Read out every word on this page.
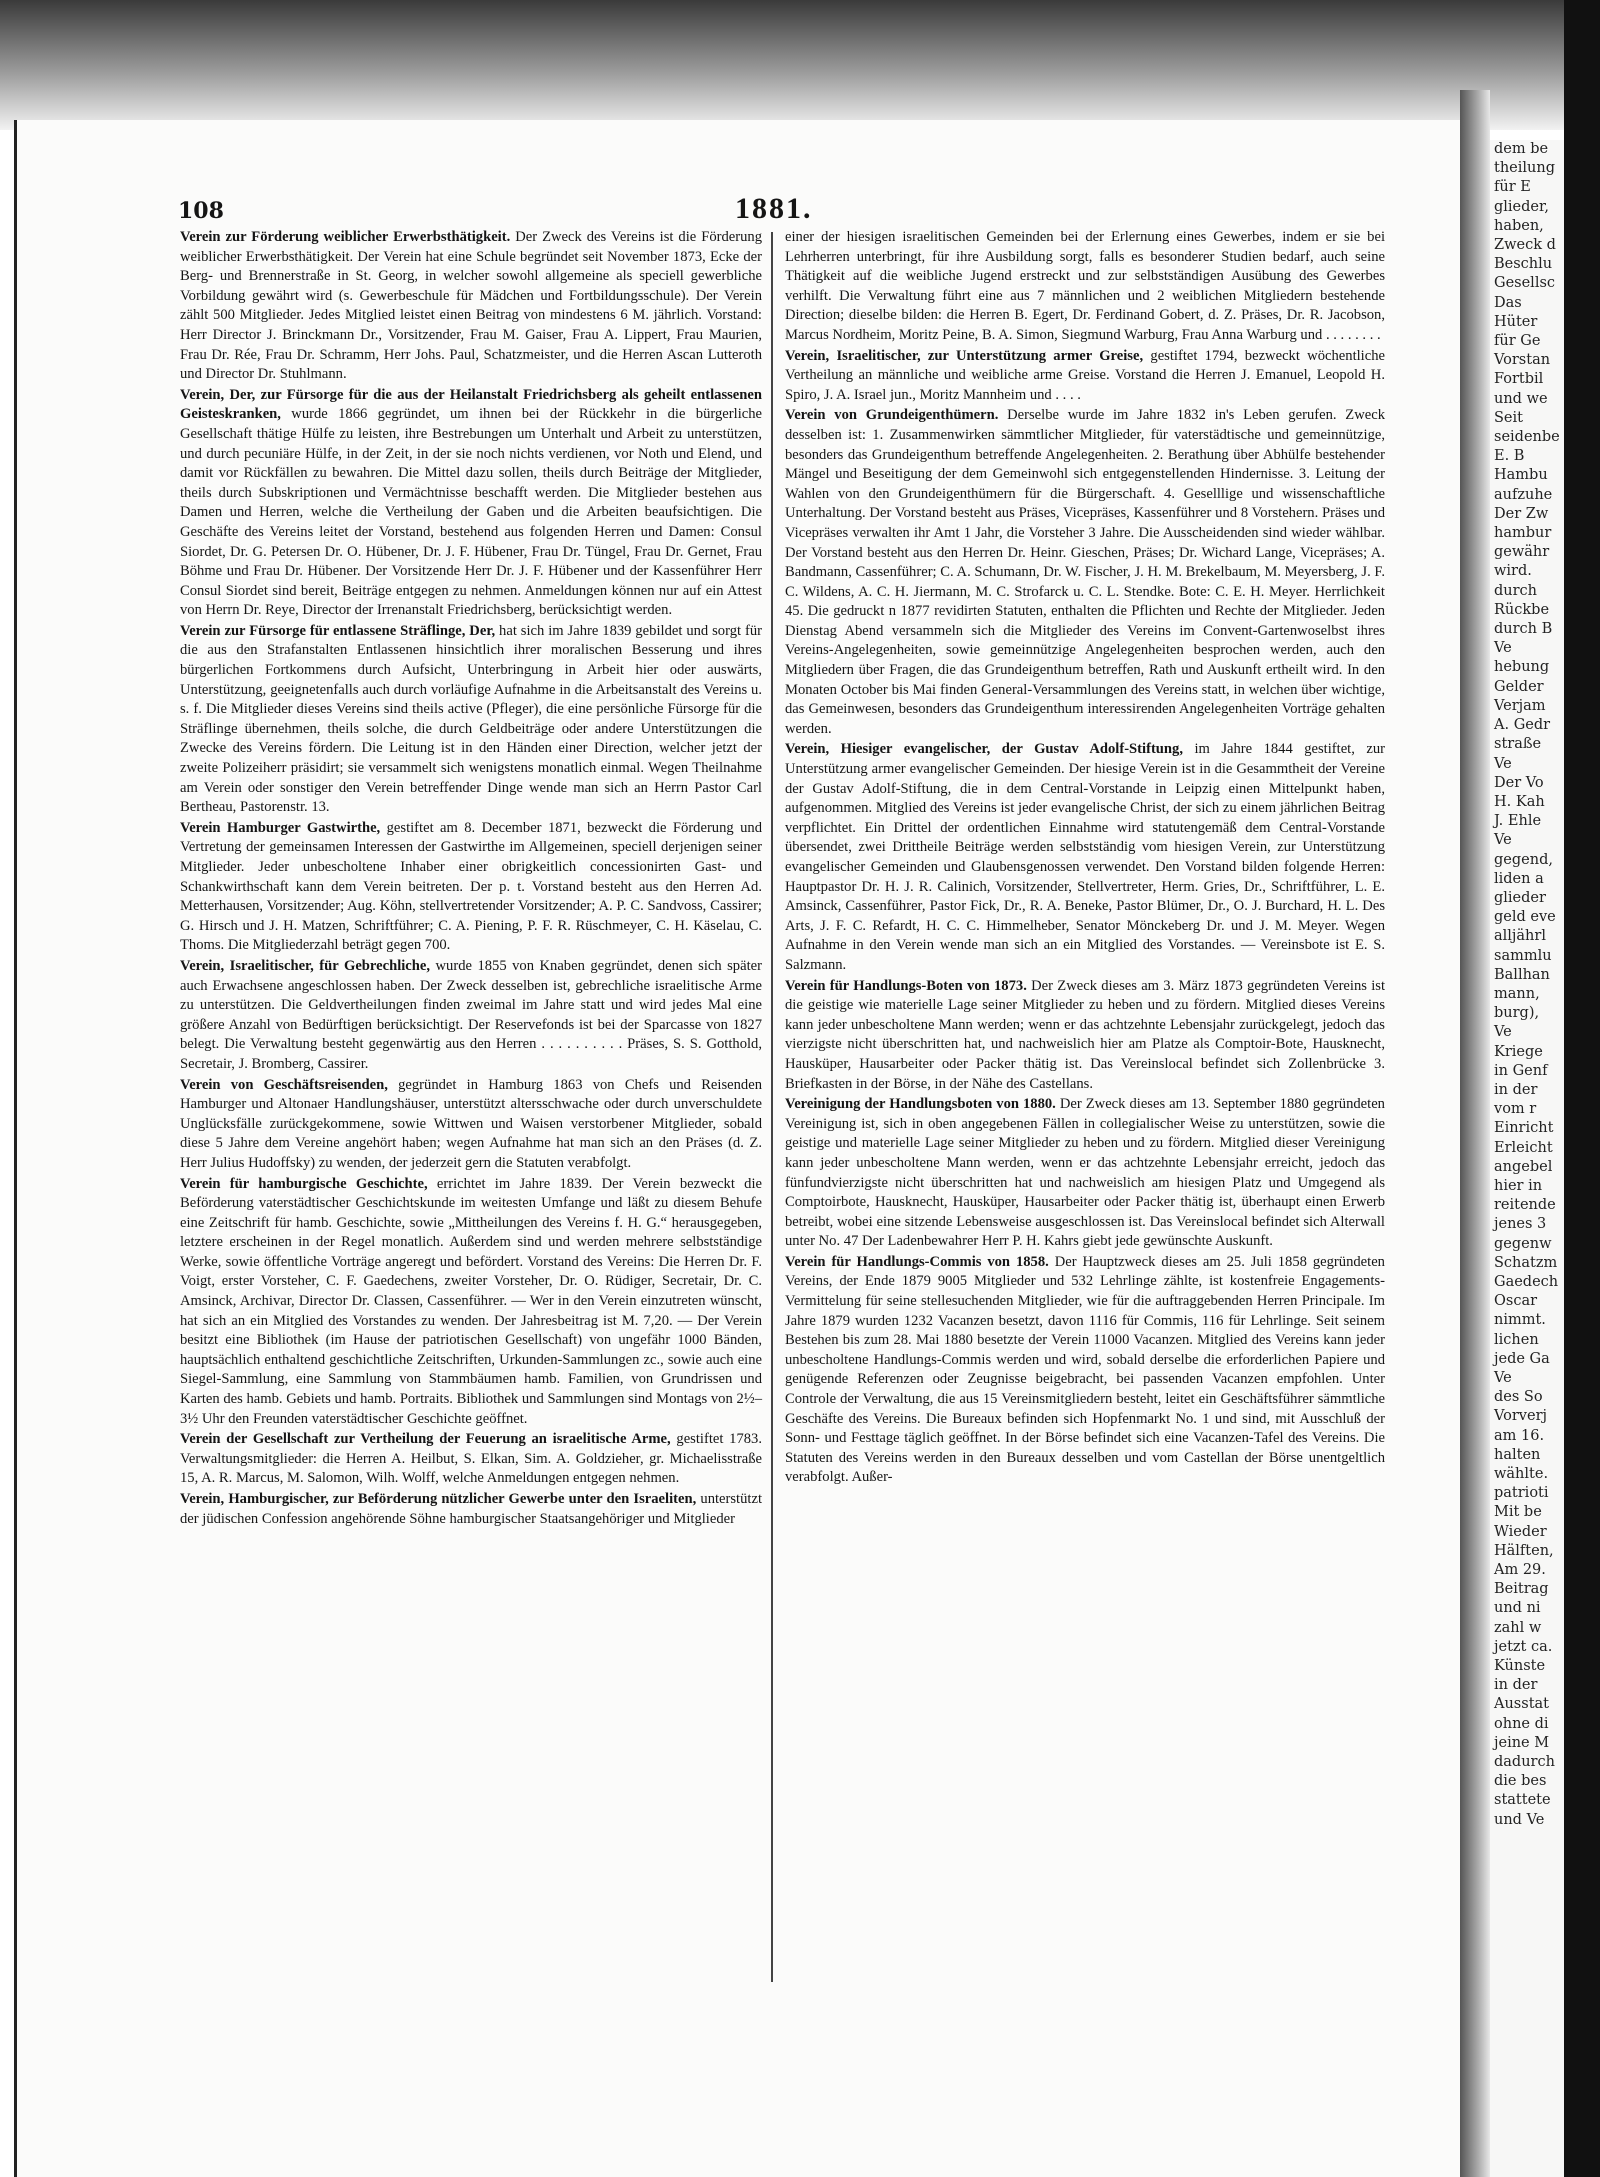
dem be
theilung
für E
glieder,
haben,
Zweck d
Beschlu
Gesellsc
Das
Hüter
für Ge
Vorstan
Fortbil
und we
Seit
seidenbe
E. B
Hambu
aufzuhe
Der Zw
hambur
gewähr
wird.
durch
Rückbe
durch B
Ve
hebung
Gelder
Verjam
A. Gedr
straße
Ve
Der Vo
H. Kah
J. Ehle
Ve
gegend,
liden a
glieder
geld eve
alljährl
sammlu
Ballhan
mann,
burg),
Ve
Kriege
in Genf
in der
vom r
Einricht
Erleicht
angebel
hier in
reitende
jenes 3
gegenw
Schatzm
Gaedech
Oscar
nimmt.
lichen
jede Ga
Ve
des So
Vorverj
am 16.
halten
wählte.
patrioti
Mit be
Wieder
Hälften,
Am 29.
Beitrag
und ni
zahl w
jetzt ca.
Künste
in der
Ausstat
ohne di
jeine M
dadurch
die bes
stattete
und Ve
108	1881.

Verein zur Förderung weiblicher Erwerbsthätigkeit. Der Zweck des Vereins ist die Förderung weiblicher Erwerbsthätigkeit. Der Verein hat eine Schule begründet seit November 1873, Ecke der Berg- und Brennerstraße in St. Georg, in welcher sowohl allgemeine als speciell gewerbliche Vorbildung gewährt wird (s. Gewerbeschule für Mädchen und Fortbildungsschule). Der Verein zählt 500 Mitglieder. Jedes Mitglied leistet einen Beitrag von mindestens 6 M. jährlich. Vorstand: Herr Director J. Brinckmann Dr., Vorsitzender, Frau M. Gaiser, Frau A. Lippert, Frau Maurien, Frau Dr. Rée, Frau Dr. Schramm, Herr Johs. Paul, Schatzmeister, und die Herren Ascan Lutteroth und Director Dr. Stuhlmann.

Verein, Der, zur Fürsorge für die aus der Heilanstalt Friedrichsberg als geheilt entlassenen Geisteskranken, wurde 1866 gegründet, um ihnen bei der Rückkehr in die bürgerliche Gesellschaft thätige Hülfe zu leisten, ihre Bestrebungen um Unterhalt und Arbeit zu unterstützen, und durch pecuniäre Hülfe, in der Zeit, in der sie noch nichts verdienen, vor Noth und Elend, und damit vor Rückfällen zu bewahren. Die Mittel dazu sollen, theils durch Beiträge der Mitglieder, theils durch Subskriptionen und Vermächtnisse beschafft werden. Die Mitglieder bestehen aus Damen und Herren, welche die Vertheilung der Gaben und die Arbeiten beaufsichtigen. Die Geschäfte des Vereins leitet der Vorstand, bestehend aus folgenden Herren und Damen: Consul Siordet, Dr. G. Petersen Dr. O. Hübener, Dr. J. F. Hübener, Frau Dr. Tüngel, Frau Dr. Gernet, Frau Böhme und Frau Dr. Hübener. Der Vorsitzende Herr Dr. J. F. Hübener und der Kassenführer Herr Consul Siordet sind bereit, Beiträge entgegen zu nehmen. Anmeldungen können nur auf ein Attest von Herrn Dr. Reye, Director der Irrenanstalt Friedrichsberg, berücksichtigt werden.

Verein zur Fürsorge für entlassene Sträflinge, Der, hat sich im Jahre 1839 gebildet und sorgt für die aus den Strafanstalten Entlassenen hinsichtlich ihrer moralischen Besserung und ihres bürgerlichen Fortkommens durch Aufsicht, Unterbringung in Arbeit hier oder auswärts, Unterstützung, geeignetenfalls auch durch vorläufige Aufnahme in die Arbeitsanstalt des Vereins u. s. f. Die Mitglieder dieses Vereins sind theils active (Pfleger), die eine persönliche Fürsorge für die Sträflinge übernehmen, theils solche, die durch Geldbeiträge oder andere Unterstützungen die Zwecke des Vereins fördern. Die Leitung ist in den Händen einer Direction, welcher jetzt der zweite Polizeiherr präsidirt; sie versammelt sich wenigstens monatlich einmal. Wegen Theilnahme am Verein oder sonstiger den Verein betreffender Dinge wende man sich an Herrn Pastor Carl Bertheau, Pastorenstr. 13.

Verein Hamburger Gastwirthe, gestiftet am 8. December 1871, bezweckt die Förderung und Vertretung der gemeinsamen Interessen der Gastwirthe im Allgemeinen, speciell derjenigen seiner Mitglieder. Jeder unbescholtene Inhaber einer obrigkeitlich concessionirten Gast- und Schankwirthschaft kann dem Verein beitreten. Der p. t. Vorstand besteht aus den Herren Ad. Metterhausen, Vorsitzender; Aug. Köhn, stellvertretender Vorsitzender; A. P. C. Sandvoss, Cassirer; G. Hirsch und J. H. Matzen, Schriftführer; C. A. Piening, P. F. R. Rüschmeyer, C. H. Käselau, C. Thoms. Die Mitgliederzahl beträgt gegen 700.

Verein, Israelitischer, für Gebrechliche, wurde 1855 von Knaben gegründet, denen sich später auch Erwachsene angeschlossen haben. Der Zweck desselben ist, gebrechliche israelitische Arme zu unterstützen. Die Geldvertheilungen finden zweimal im Jahre statt und wird jedes Mal eine größere Anzahl von Bedürftigen berücksichtigt. Der Reservefonds ist bei der Sparcasse von 1827 belegt. Die Verwaltung besteht gegenwärtig aus den Herren . . . . . . . . . . Präses, S. S. Gotthold, Secretair, J. Bromberg, Cassirer.

Verein von Geschäftsreisenden, gegründet in Hamburg 1863 von Chefs und Reisenden Hamburger und Altonaer Handlungshäuser, unterstützt altersschwache oder durch unverschuldete Unglücksfälle zurückgekommene, sowie Wittwen und Waisen verstorbener Mitglieder, sobald diese 5 Jahre dem Vereine angehört haben; wegen Aufnahme hat man sich an den Präses (d. Z. Herr Julius Hudoffsky) zu wenden, der jederzeit gern die Statuten verabfolgt.

Verein für hamburgische Geschichte, errichtet im Jahre 1839. Der Verein bezweckt die Beförderung vaterstädtischer Geschichtskunde im weitesten Umfange und läßt zu diesem Behufe eine Zeitschrift für hamb. Geschichte, sowie „Mittheilungen des Vereins f. H. G.“ herausgegeben, letztere erscheinen in der Regel monatlich. Außerdem sind und werden mehrere selbstständige Werke, sowie öffentliche Vorträge angeregt und befördert. Vorstand des Vereins: Die Herren Dr. F. Voigt, erster Vorsteher, C. F. Gaedechens, zweiter Vorsteher, Dr. O. Rüdiger, Secretair, Dr. C. Amsinck, Archivar, Director Dr. Classen, Cassenführer. — Wer in den Verein einzutreten wünscht, hat sich an ein Mitglied des Vorstandes zu wenden. Der Jahresbeitrag ist M. 7,20. — Der Verein besitzt eine Bibliothek (im Hause der patriotischen Gesellschaft) von ungefähr 1000 Bänden, hauptsächlich enthaltend geschichtliche Zeitschriften, Urkunden-Sammlungen zc., sowie auch eine Siegel-Sammlung, eine Sammlung von Stammbäumen hamb. Familien, von Grundrissen und Karten des hamb. Gebiets und hamb. Portraits. Bibliothek und Sammlungen sind Montags von 2½–3½ Uhr den Freunden vaterstädtischer Geschichte geöffnet.

Verein der Gesellschaft zur Vertheilung der Feuerung an israelitische Arme, gestiftet 1783. Verwaltungsmitglieder: die Herren A. Heilbut, S. Elkan, Sim. A. Goldzieher, gr. Michaelisstraße 15, A. R. Marcus, M. Salomon, Wilh. Wolff, welche Anmeldungen entgegen nehmen.

Verein, Hamburgischer, zur Beförderung nützlicher Gewerbe unter den Israeliten, unterstützt der jüdischen Confession angehörende Söhne hamburgischer Staatsangehöriger und Mitglieder

einer der hiesigen israelitischen Gemeinden bei der Erlernung eines Gewerbes, indem er sie bei Lehrherren unterbringt, für ihre Ausbildung sorgt, falls es besonderer Studien bedarf, auch seine Thätigkeit auf die weibliche Jugend erstreckt und zur selbstständigen Ausübung des Gewerbes verhilft. Die Verwaltung führt eine aus 7 männlichen und 2 weiblichen Mitgliedern bestehende Direction; dieselbe bilden: die Herren B. Egert, Dr. Ferdinand Gobert, d. Z. Präses, Dr. R. Jacobson, Marcus Nordheim, Moritz Peine, B. A. Simon, Siegmund Warburg, Frau Anna Warburg und . . . . . . . .

Verein, Israelitischer, zur Unterstützung armer Greise, gestiftet 1794, bezweckt wöchentliche Vertheilung an männliche und weibliche arme Greise. Vorstand die Herren J. Emanuel, Leopold H. Spiro, J. A. Israel jun., Moritz Mannheim und . . . .

Verein von Grundeigenthümern. Derselbe wurde im Jahre 1832 in's Leben gerufen. Zweck desselben ist: 1. Zusammenwirken sämmtlicher Mitglieder, für vaterstädtische und gemeinnützige, besonders das Grundeigenthum betreffende Angelegenheiten. 2. Berathung über Abhülfe bestehender Mängel und Beseitigung der dem Gemeinwohl sich entgegenstellenden Hindernisse. 3. Leitung der Wahlen von den Grundeigenthümern für die Bürgerschaft. 4. Geselllige und wissenschaftliche Unterhaltung. Der Vorstand besteht aus Präses, Vicepräses, Kassenführer und 8 Vorstehern. Präses und Vicepräses verwalten ihr Amt 1 Jahr, die Vorsteher 3 Jahre. Die Ausscheidenden sind wieder wählbar. Der Vorstand besteht aus den Herren Dr. Heinr. Gieschen, Präses; Dr. Wichard Lange, Vicepräses; A. Bandmann, Cassenführer; C. A. Schumann, Dr. W. Fischer, J. H. M. Brekelbaum, M. Meyersberg, J. F. C. Wildens, A. C. H. Jiermann, M. C. Strofarck u. C. L. Stendke. Bote: C. E. H. Meyer. Herrlichkeit 45. Die gedruckt n 1877 revidirten Statuten, enthalten die Pflichten und Rechte der Mitglieder. Jeden Dienstag Abend versammeln sich die Mitglieder des Vereins im Convent-Gartenwoselbst ihres Vereins-Angelegenheiten, sowie gemeinnützige Angelegenheiten besprochen werden, auch den Mitgliedern über Fragen, die das Grundeigenthum betreffen, Rath und Auskunft ertheilt wird. In den Monaten October bis Mai finden General-Versammlungen des Vereins statt, in welchen über wichtige, das Gemeinwesen, besonders das Grundeigenthum interessirenden Angelegenheiten Vorträge gehalten werden.

Verein, Hiesiger evangelischer, der Gustav Adolf-Stiftung, im Jahre 1844 gestiftet, zur Unterstützung armer evangelischer Gemeinden. Der hiesige Verein ist in die Gesammtheit der Vereine der Gustav Adolf-Stiftung, die in dem Central-Vorstande in Leipzig einen Mittelpunkt haben, aufgenommen. Mitglied des Vereins ist jeder evangelische Christ, der sich zu einem jährlichen Beitrag verpflichtet. Ein Drittel der ordentlichen Einnahme wird statutengemäß dem Central-Vorstande übersendet, zwei Drittheile Beiträge werden selbstständig vom hiesigen Verein, zur Unterstützung evangelischer Gemeinden und Glaubensgenossen verwendet. Den Vorstand bilden folgende Herren: Hauptpastor Dr. H. J. R. Calinich, Vorsitzender, Stellvertreter, Herm. Gries, Dr., Schriftführer, L. E. Amsinck, Cassenführer, Pastor Fick, Dr., R. A. Beneke, Pastor Blümer, Dr., O. J. Burchard, H. L. Des Arts, J. F. C. Refardt, H. C. C. Himmelheber, Senator Mönckeberg Dr. und J. M. Meyer. Wegen Aufnahme in den Verein wende man sich an ein Mitglied des Vorstandes. — Vereinsbote ist E. S. Salzmann.

Verein für Handlungs-Boten von 1873. Der Zweck dieses am 3. März 1873 gegründeten Vereins ist die geistige wie materielle Lage seiner Mitglieder zu heben und zu fördern. Mitglied dieses Vereins kann jeder unbescholtene Mann werden; wenn er das achtzehnte Lebensjahr zurückgelegt, jedoch das vierzigste nicht überschritten hat, und nachweislich hier am Platze als Comptoir-Bote, Hausknecht, Hausküper, Hausarbeiter oder Packer thätig ist. Das Vereinslocal befindet sich Zollenbrücke 3. Briefkasten in der Börse, in der Nähe des Castellans.

Vereinigung der Handlungsboten von 1880. Der Zweck dieses am 13. September 1880 gegründeten Vereinigung ist, sich in oben angegebenen Fällen in collegialischer Weise zu unterstützen, sowie die geistige und materielle Lage seiner Mitglieder zu heben und zu fördern. Mitglied dieser Vereinigung kann jeder unbescholtene Mann werden, wenn er das achtzehnte Lebensjahr erreicht, jedoch das fünfundvierzigste nicht überschritten hat und nachweislich am hiesigen Platz und Umgegend als Comptoirbote, Hausknecht, Hausküper, Hausarbeiter oder Packer thätig ist, überhaupt einen Erwerb betreibt, wobei eine sitzende Lebensweise ausgeschlossen ist. Das Vereinslocal befindet sich Alterwall unter No. 47 Der Ladenbewahrer Herr P. H. Kahrs giebt jede gewünschte Auskunft.

Verein für Handlungs-Commis von 1858. Der Hauptzweck dieses am 25. Juli 1858 gegründeten Vereins, der Ende 1879 9005 Mitglieder und 532 Lehrlinge zählte, ist kostenfreie Engagements-Vermittelung für seine stellesuchenden Mitglieder, wie für die auftraggebenden Herren Principale. Im Jahre 1879 wurden 1232 Vacanzen besetzt, davon 1116 für Commis, 116 für Lehrlinge. Seit seinem Bestehen bis zum 28. Mai 1880 besetzte der Verein 11000 Vacanzen. Mitglied des Vereins kann jeder unbescholtene Handlungs-Commis werden und wird, sobald derselbe die erforderlichen Papiere und genügende Referenzen oder Zeugnisse beigebracht, bei passenden Vacanzen empfohlen. Unter Controle der Verwaltung, die aus 15 Vereinsmitgliedern besteht, leitet ein Geschäftsführer sämmtliche Geschäfte des Vereins. Die Bureaux befinden sich Hopfenmarkt No. 1 und sind, mit Ausschluß der Sonn- und Festtage täglich geöffnet. In der Börse befindet sich eine Vacanzen-Tafel des Vereins. Die Statuten des Vereins werden in den Bureaux desselben und vom Castellan der Börse unentgeltlich verabfolgt. Außer-
